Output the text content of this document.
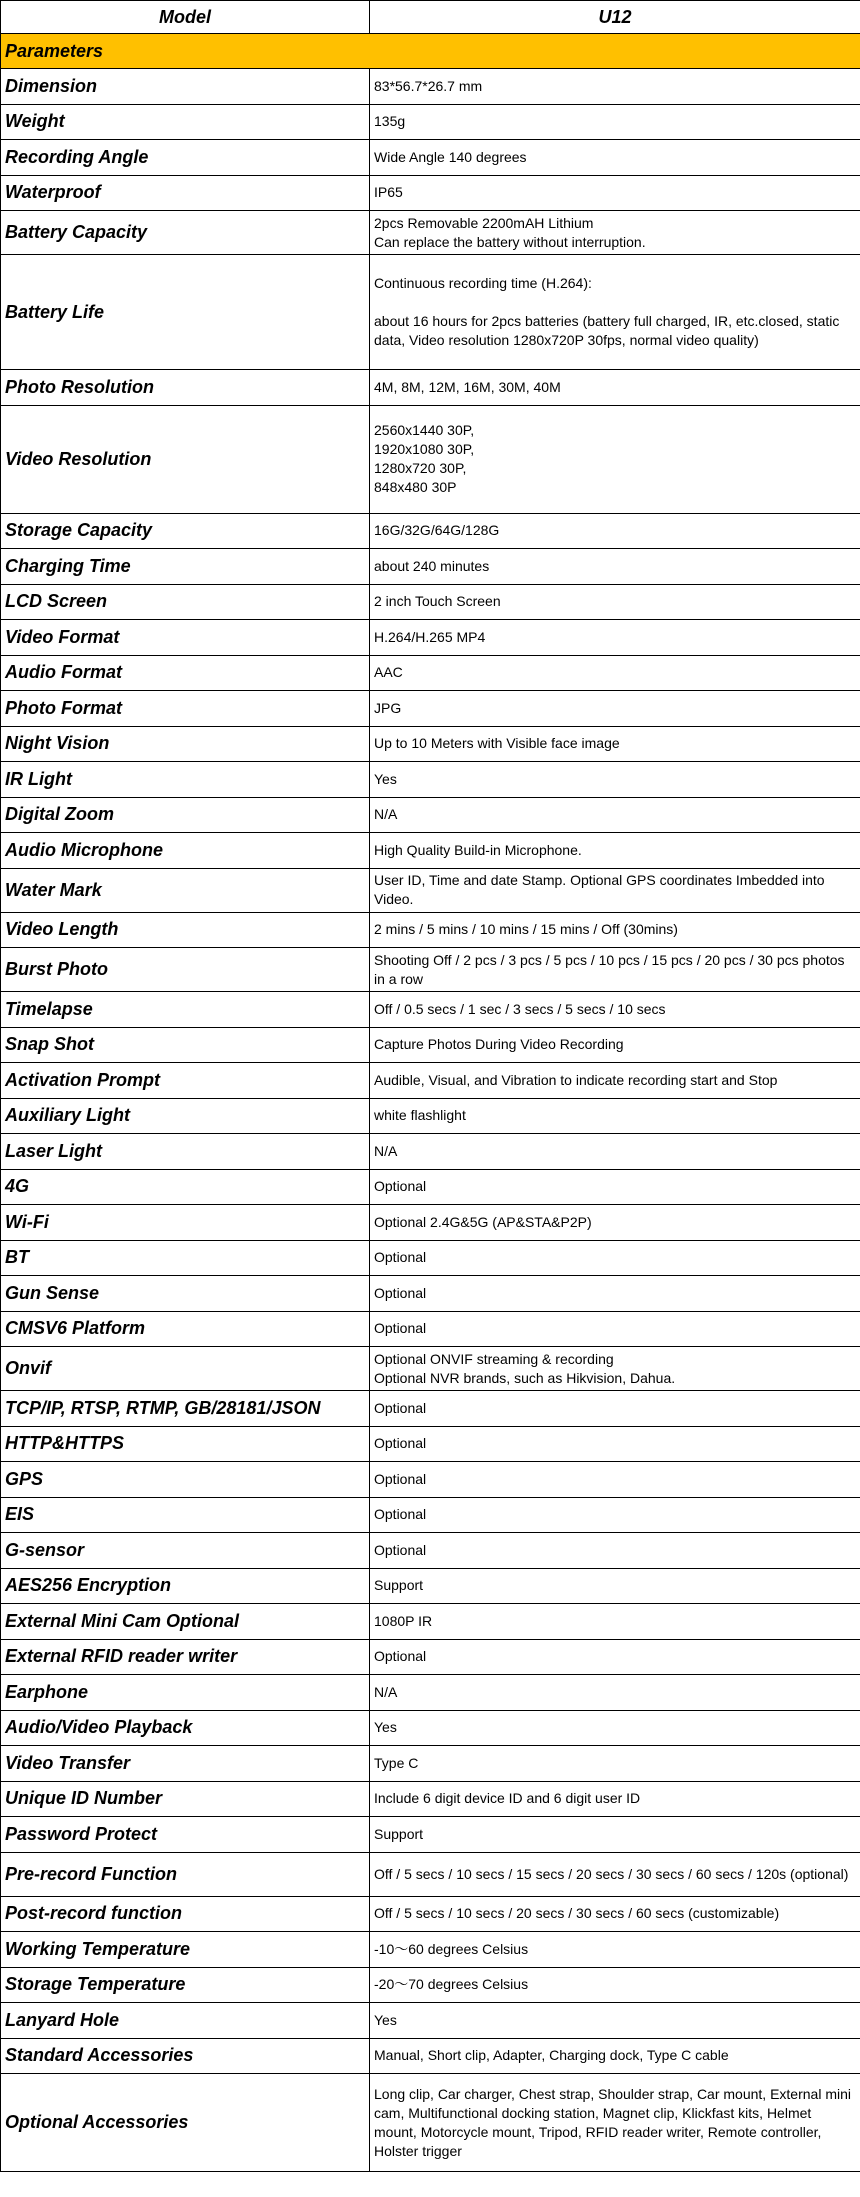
Model	U12
Parameters	
Dimension	83*56.7*26.7 mm

Weight	135g

Recording Angle	Wide Angle 140 degrees

Waterproof	IP65

Battery Capacity	2pcs Removable 2200mAH Lithium
Can replace the battery without interruption.

Battery Life	Continuous recording time (H.264):
about 16 hours for 2pcs batteries (battery full charged, IR, etc.closed, static data, Video resolution 1280x720P 30fps, normal video quality)

Photo Resolution	4M, 8M, 12M, 16M, 30M, 40M

Video Resolution	2560x1440 30P,
1920x1080 30P,
1280x720 30P,
848x480 30P

Storage Capacity	16G/32G/64G/128G

Charging Time	about 240 minutes

LCD Screen	2 inch Touch Screen

Video Format	H.264/H.265 MP4

Audio Format	AAC

Photo Format	JPG

Night Vision	Up to 10 Meters with Visible face image

IR Light	Yes

Digital Zoom	N/A

Audio Microphone	High Quality Build-in Microphone.

Water Mark	User ID, Time and date Stamp. Optional GPS coordinates Imbedded into Video.

Video Length	2 mins / 5 mins / 10 mins / 15 mins / Off (30mins)

Burst Photo	Shooting Off / 2 pcs / 3 pcs / 5 pcs / 10 pcs / 15 pcs / 20 pcs / 30 pcs photos in a row

Timelapse	Off / 0.5 secs / 1 sec / 3 secs / 5 secs / 10 secs

Snap Shot	Capture Photos During Video Recording

Activation Prompt	Audible, Visual, and Vibration to indicate recording start and Stop

Auxiliary Light	white flashlight

Laser Light	N/A

4G	Optional

Wi-Fi	Optional 2.4G&5G (AP&STA&P2P)

BT	Optional

Gun Sense	Optional

CMSV6 Platform	Optional

Onvif	Optional ONVIF streaming & recording
Optional NVR brands, such as Hikvision, Dahua.

TCP/IP, RTSP, RTMP, GB/28181/JSON	Optional

HTTP&HTTPS	Optional

GPS	Optional

EIS	Optional

G-sensor	Optional

AES256 Encryption	Support

External Mini Cam Optional	1080P IR

External RFID reader writer	Optional

Earphone	N/A

Audio/Video Playback	Yes

Video Transfer	Type C

Unique ID Number	Include 6 digit device ID and 6 digit user ID

Password Protect	Support

Pre-record Function	Off / 5 secs / 10 secs / 15 secs / 20 secs / 30 secs / 60 secs / 120s (optional)

Post-record function	Off / 5 secs / 10 secs / 20 secs / 30 secs / 60 secs (customizable)

Working Temperature	-10～60 degrees Celsius

Storage Temperature	-20～70 degrees Celsius

Lanyard Hole	Yes

Standard Accessories	Manual, Short clip, Adapter, Charging dock, Type C cable

Optional Accessories	Long clip, Car charger, Chest strap, Shoulder strap, Car mount, External mini cam, Multifunctional docking station, Magnet clip, Klickfast kits, Helmet mount, Motorcycle mount, Tripod, RFID reader writer, Remote controller, Holster trigger
